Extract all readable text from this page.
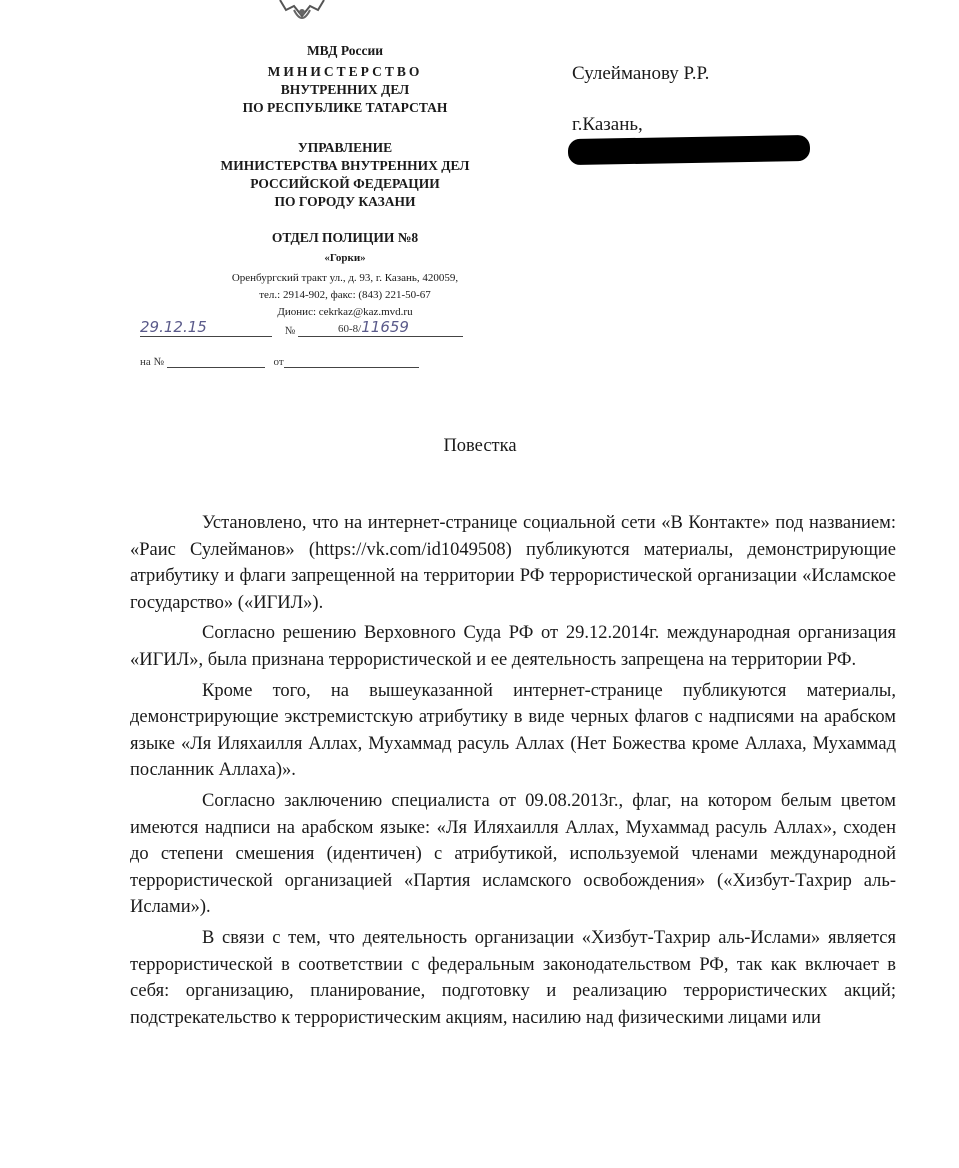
МВД России
МИНИСТЕРСТВО
ВНУТРЕННИХ ДЕЛ
ПО РЕСПУБЛИКЕ ТАТАРСТАН
УПРАВЛЕНИЕ
МИНИСТЕРСТВА ВНУТРЕННИХ ДЕЛ
РОССИЙСКОЙ ФЕДЕРАЦИИ
ПО ГОРОДУ КАЗАНИ
ОТДЕЛ ПОЛИЦИИ №8
«Горки»
Оренбургский тракт ул., д. 93, г. Казань, 420059,
тел.: 2914-902, факс: (843) 221-50-67
Дионис: cekrkaz@kaz.mvd.ru
29.12.15	№	60-8/11659
на №	от
Сулейманову Р.Р.
г.Казань,
Повестка

Установлено, что на интернет-странице социальной сети «В Контакте» под названием: «Раис Сулейманов» (https://vk.com/id1049508) публикуются материалы, демонстрирующие атрибутику и флаги запрещенной на территории РФ террористической организации «Исламское государство» («ИГИЛ»).

Согласно решению Верховного Суда РФ от 29.12.2014г. международная организация «ИГИЛ», была признана террористической и ее деятельность запрещена на территории РФ.

Кроме того, на вышеуказанной интернет-странице публикуются материалы, демонстрирующие экстремистскую атрибутику в виде черных флагов с надписями на арабском языке «Ля Иляхаилля Аллах, Мухаммад расуль Аллах (Нет Божества кроме Аллаха, Мухаммад посланник Аллаха)».

Согласно заключению специалиста от 09.08.2013г., флаг, на котором белым цветом имеются надписи на арабском языке: «Ля Иляхаилля Аллах, Мухаммад расуль Аллах», сходен до степени смешения (идентичен) с атрибутикой, используемой членами международной террористической организацией «Партия исламского освобождения» («Хизбут-Тахрир аль-Ислами»).

В связи с тем, что деятельность организации «Хизбут-Тахрир аль-Ислами» является террористической в соответствии с федеральным законодательством РФ, так как включает в себя: организацию, планирование, подготовку и реализацию террористических акций; подстрекательство к террористическим акциям, насилию над физическими лицами или
